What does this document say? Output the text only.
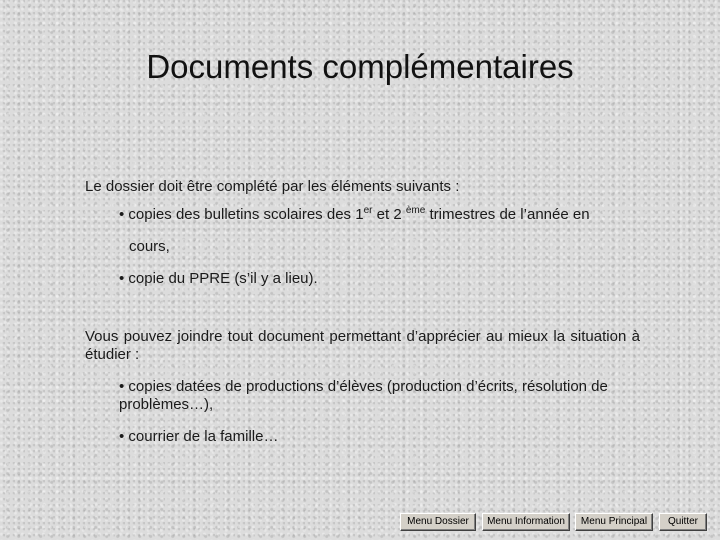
Documents complémentaires
Le dossier doit être complété par les éléments suivants :
• copies des bulletins scolaires des 1er et 2 $^{ème}$ trimestres de l’année en
cours,
• copie du PPRE (s’il y a lieu).
Vous pouvez joindre tout document permettant d’apprécier au mieux la situation à étudier :
• copies datées de productions d’élèves (production d’écrits, résolution de problèmes…),
• courrier de la famille…
Menu Dossier	Menu Information	Menu Principal	Quitter
